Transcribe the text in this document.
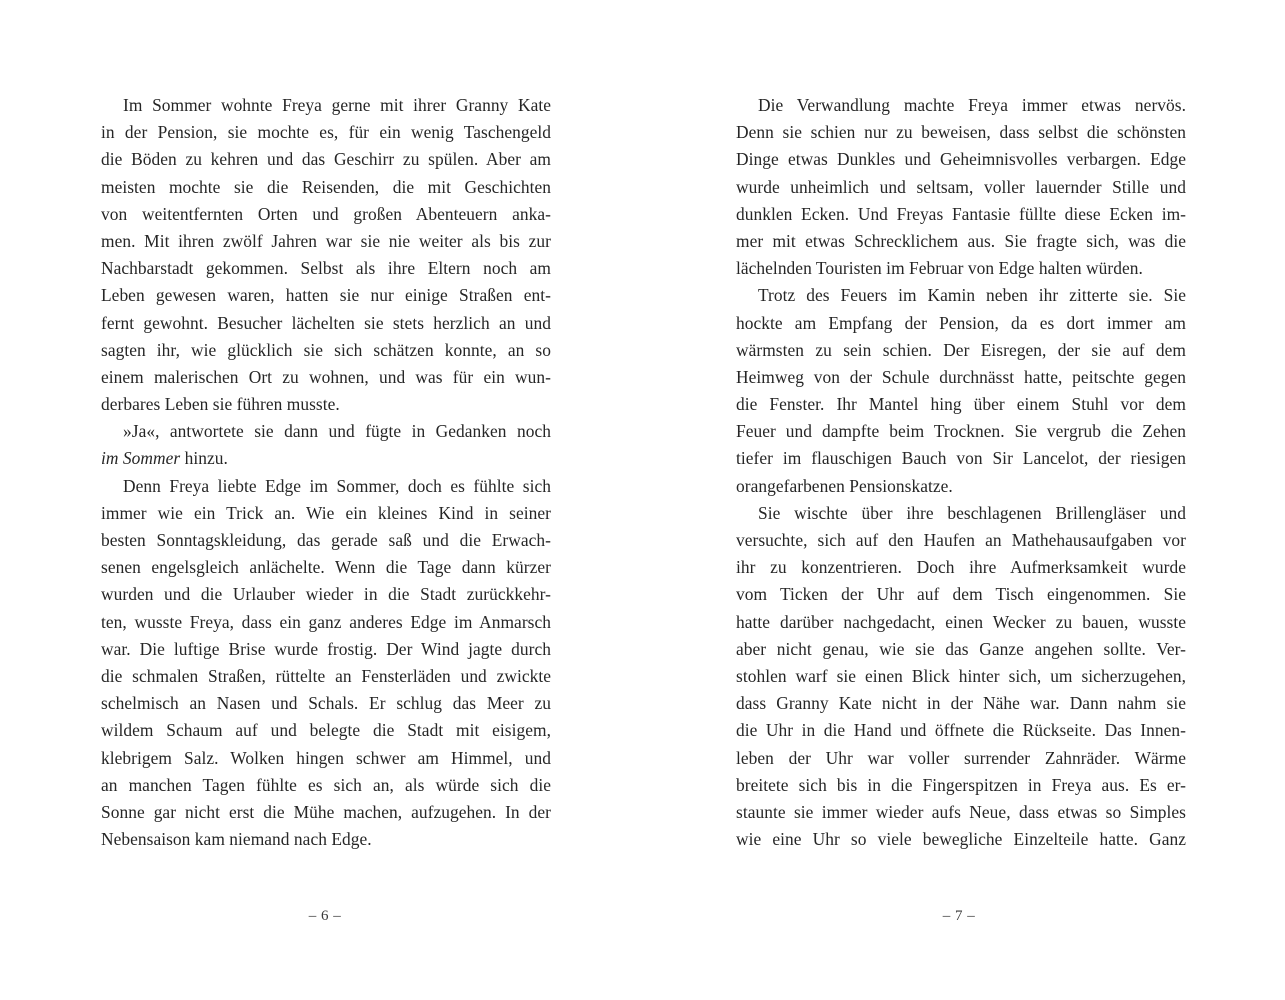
Im Sommer wohnte Freya gerne mit ihrer Granny Kate
in der Pension, sie mochte es, für ein wenig Taschengeld
die Böden zu kehren und das Geschirr zu spülen. Aber am
meisten mochte sie die Reisenden, die mit Geschichten
von weitentfernten Orten und großen Abenteuern anka-
men. Mit ihren zwölf Jahren war sie nie weiter als bis zur
Nachbarstadt gekommen. Selbst als ihre Eltern noch am
Leben gewesen waren, hatten sie nur einige Straßen ent-
fernt gewohnt. Besucher lächelten sie stets herzlich an und
sagten ihr, wie glücklich sie sich schätzen konnte, an so
einem malerischen Ort zu wohnen, und was für ein wun-
derbares Leben sie führen musste.
»Ja«, antwortete sie dann und fügte in Gedanken noch
im Sommer hinzu.
Denn Freya liebte Edge im Sommer, doch es fühlte sich
immer wie ein Trick an. Wie ein kleines Kind in seiner
besten Sonntagskleidung, das gerade saß und die Erwach-
senen engelsgleich anlächelte. Wenn die Tage dann kürzer
wurden und die Urlauber wieder in die Stadt zurückkehr-
ten, wusste Freya, dass ein ganz anderes Edge im Anmarsch
war. Die luftige Brise wurde frostig. Der Wind jagte durch
die schmalen Straßen, rüttelte an Fensterläden und zwickte
schelmisch an Nasen und Schals. Er schlug das Meer zu
wildem Schaum auf und belegte die Stadt mit eisigem,
klebrigem Salz. Wolken hingen schwer am Himmel, und
an manchen Tagen fühlte es sich an, als würde sich die
Sonne gar nicht erst die Mühe machen, aufzugehen. In der
Nebensaison kam niemand nach Edge.
– 6 –
Die Verwandlung machte Freya immer etwas nervös.
Denn sie schien nur zu beweisen, dass selbst die schönsten
Dinge etwas Dunkles und Geheimnisvolles verbargen. Edge
wurde unheimlich und seltsam, voller lauernder Stille und
dunklen Ecken. Und Freyas Fantasie füllte diese Ecken im-
mer mit etwas Schrecklichem aus. Sie fragte sich, was die
lächelnden Touristen im Februar von Edge halten würden.
Trotz des Feuers im Kamin neben ihr zitterte sie. Sie
hockte am Empfang der Pension, da es dort immer am
wärmsten zu sein schien. Der Eisregen, der sie auf dem
Heimweg von der Schule durchnässt hatte, peitschte gegen
die Fenster. Ihr Mantel hing über einem Stuhl vor dem
Feuer und dampfte beim Trocknen. Sie vergrub die Zehen
tiefer im flauschigen Bauch von Sir Lancelot, der riesigen
orangefarbenen Pensionskatze.
Sie wischte über ihre beschlagenen Brillengläser und
versuchte, sich auf den Haufen an Mathehausaufgaben vor
ihr zu konzentrieren. Doch ihre Aufmerksamkeit wurde
vom Ticken der Uhr auf dem Tisch eingenommen. Sie
hatte darüber nachgedacht, einen Wecker zu bauen, wusste
aber nicht genau, wie sie das Ganze angehen sollte. Ver-
stohlen warf sie einen Blick hinter sich, um sicherzugehen,
dass Granny Kate nicht in der Nähe war. Dann nahm sie
die Uhr in die Hand und öffnete die Rückseite. Das Innen-
leben der Uhr war voller surrender Zahnräder. Wärme
breitete sich bis in die Fingerspitzen in Freya aus. Es er-
staunte sie immer wieder aufs Neue, dass etwas so Simples
wie eine Uhr so viele bewegliche Einzelteile hatte. Ganz
– 7 –
